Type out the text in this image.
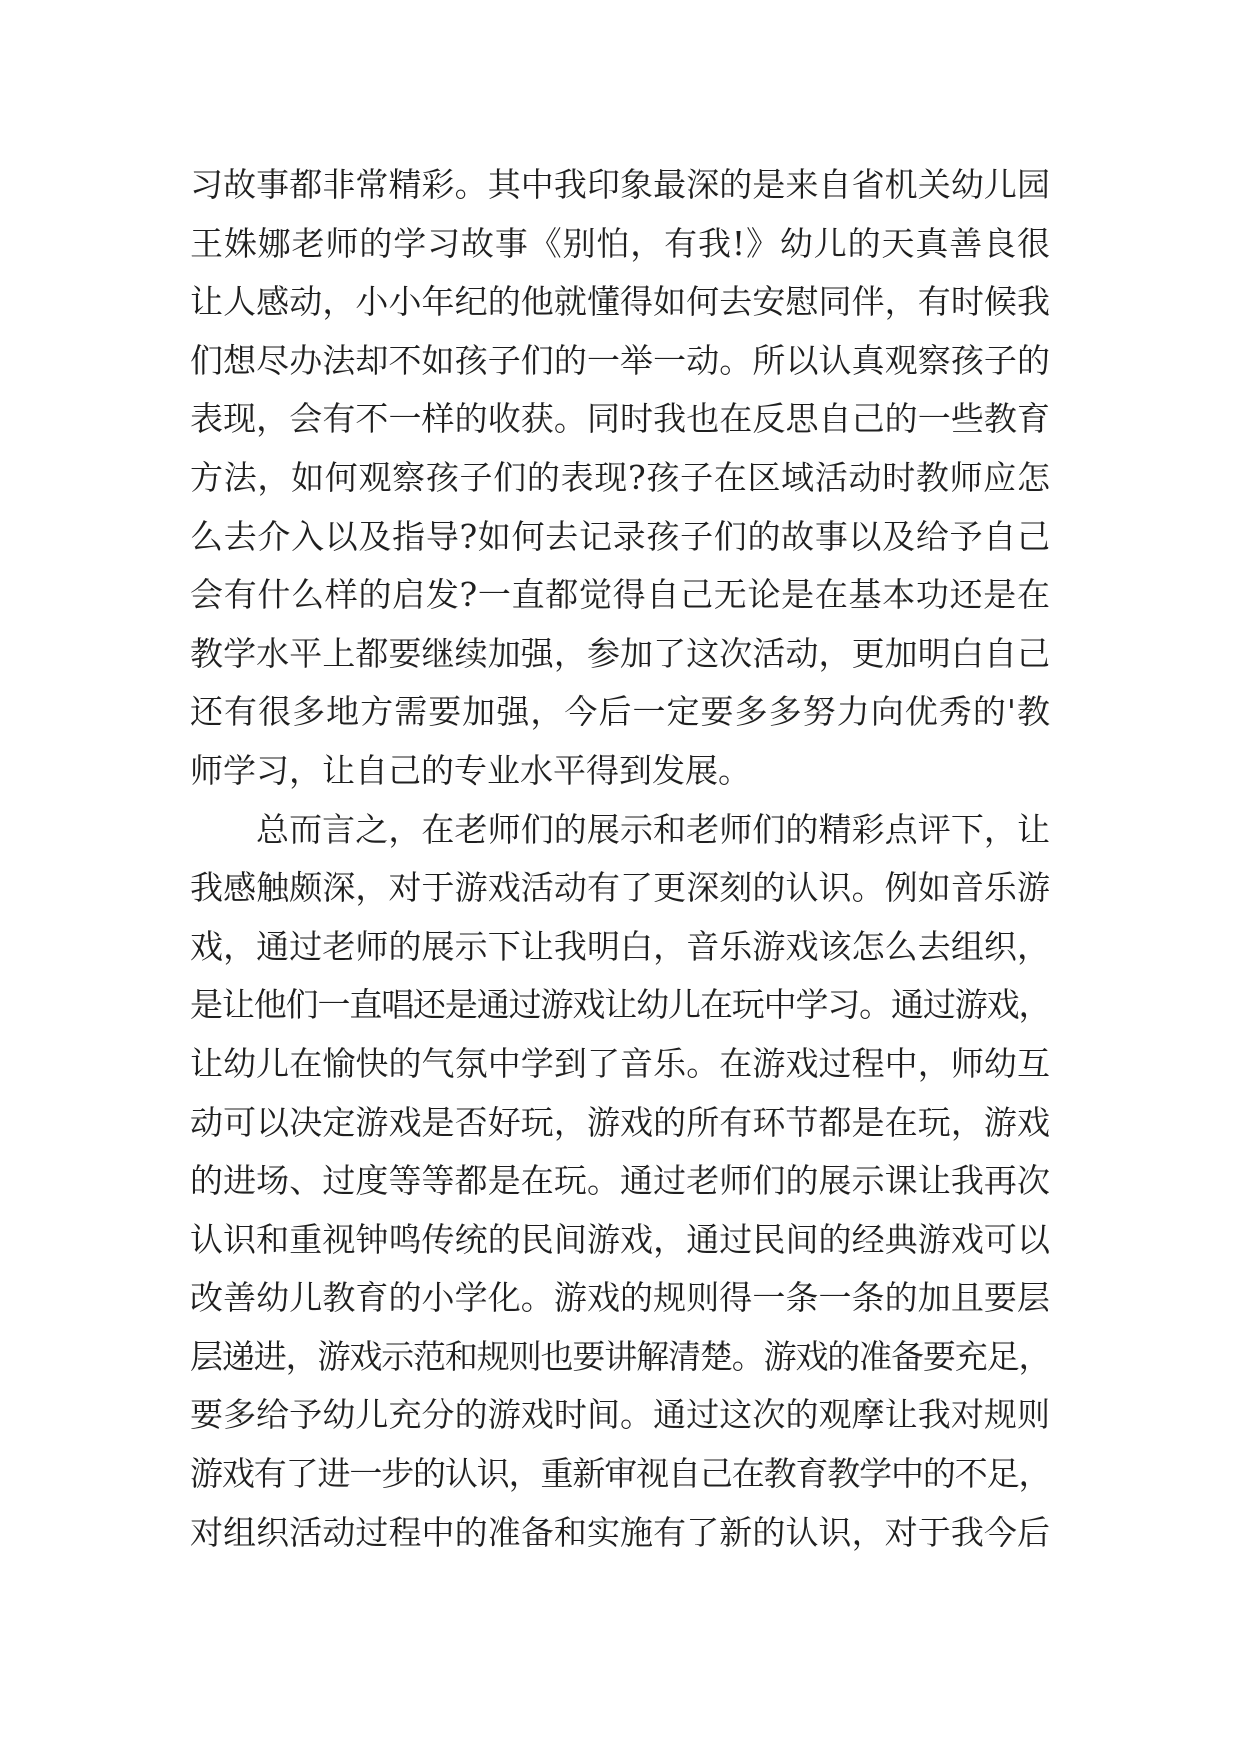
习故事都非常精彩。其中我印象最深的是来自省机关幼儿园
王姝娜老师的学习故事《别怕，有我!》幼儿的天真善良很
让人感动，小小年纪的他就懂得如何去安慰同伴，有时候我
们想尽办法却不如孩子们的一举一动。所以认真观察孩子的
表现，会有不一样的收获。同时我也在反思自己的一些教育
方法，如何观察孩子们的表现?孩子在区域活动时教师应怎
么去介入以及指导?如何去记录孩子们的故事以及给予自己
会有什么样的启发?一直都觉得自己无论是在基本功还是在
教学水平上都要继续加强，参加了这次活动，更加明白自己
还有很多地方需要加强，今后一定要多多努力向优秀的'教
师学习，让自己的专业水平得到发展。
总而言之，在老师们的展示和老师们的精彩点评下，让
我感触颇深，对于游戏活动有了更深刻的认识。例如音乐游
戏，通过老师的展示下让我明白，音乐游戏该怎么去组织，
是让他们一直唱还是通过游戏让幼儿在玩中学习。通过游戏，
让幼儿在愉快的气氛中学到了音乐。在游戏过程中，师幼互
动可以决定游戏是否好玩，游戏的所有环节都是在玩，游戏
的进场、过度等等都是在玩。通过老师们的展示课让我再次
认识和重视钟鸣传统的民间游戏，通过民间的经典游戏可以
改善幼儿教育的小学化。游戏的规则得一条一条的加且要层
层递进，游戏示范和规则也要讲解清楚。游戏的准备要充足，
要多给予幼儿充分的游戏时间。通过这次的观摩让我对规则
游戏有了进一步的认识，重新审视自己在教育教学中的不足，
对组织活动过程中的准备和实施有了新的认识，对于我今后
